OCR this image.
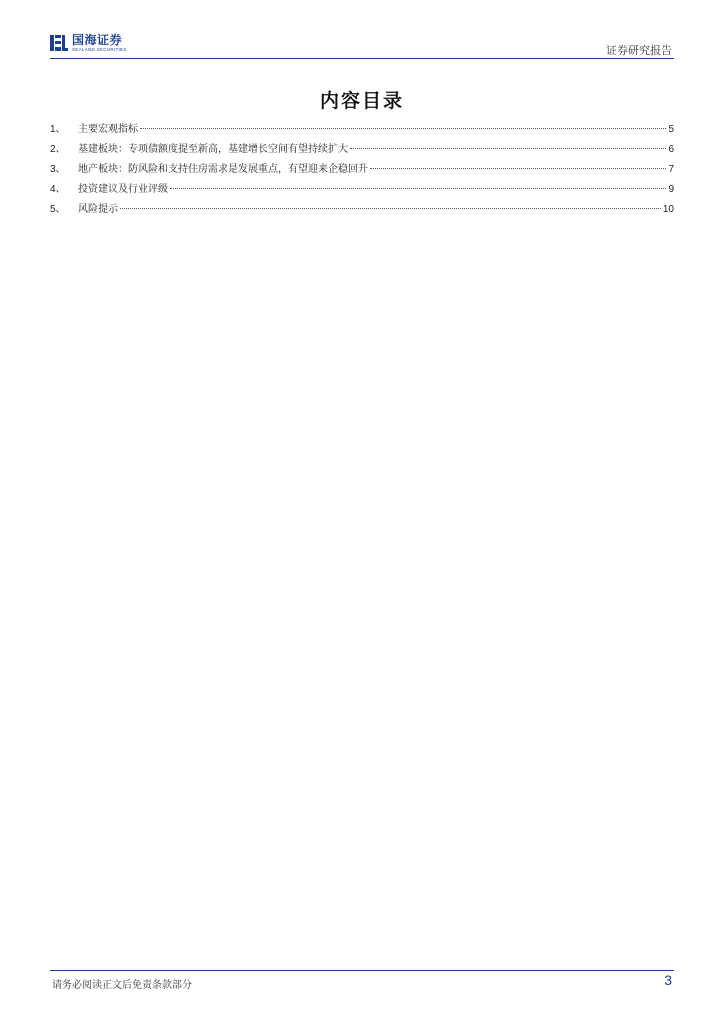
国海证券
SEALAND SECURITIES	证券研究报告
内容目录
1、	主要宏观指标	5
2、	基建板块：专项债额度提至新高，基建增长空间有望持续扩大	6
3、	地产板块：防风险和支持住房需求是发展重点，有望迎来企稳回升	7
4、	投资建议及行业评级	9
5、	风险提示	10
请务必阅读正文后免责条款部分	3
